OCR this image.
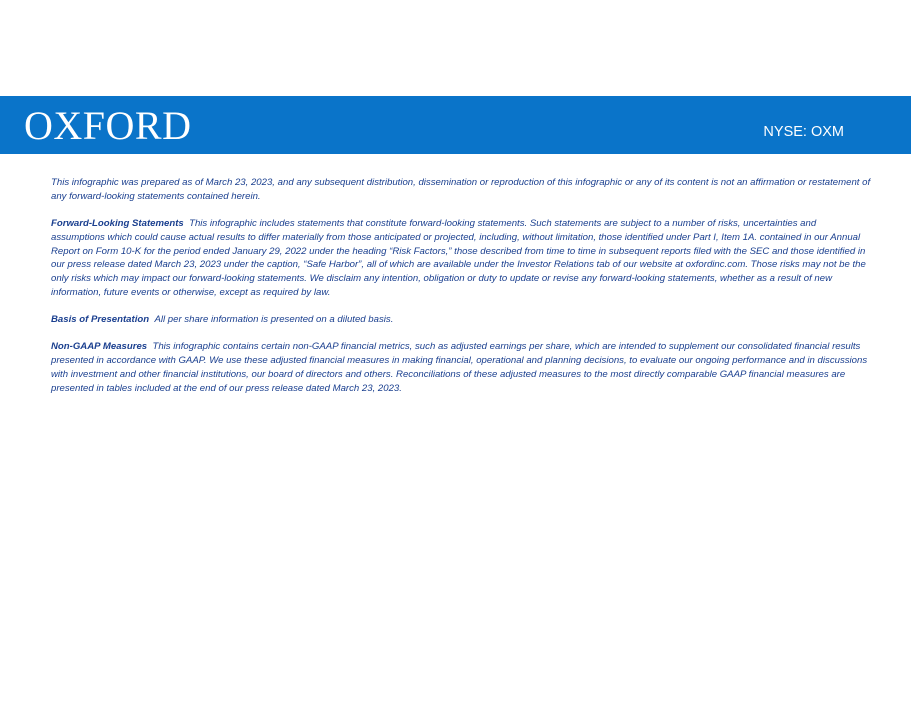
OXFORD	NYSE: OXM

This infographic was prepared as of March 23, 2023, and any subsequent distribution, dissemination or reproduction of this infographic or any of its content is not an affirmation or restatement of any forward-looking statements contained herein.

Forward-Looking Statements This infographic includes statements that constitute forward-looking statements. Such statements are subject to a number of risks, uncertainties and assumptions which could cause actual results to differ materially from those anticipated or projected, including, without limitation, those identified under Part I, Item 1A. contained in our Annual Report on Form 10-K for the period ended January 29, 2022 under the heading “Risk Factors,” those described from time to time in subsequent reports filed with the SEC and those identified in our press release dated March 23, 2023 under the caption, “Safe Harbor”, all of which are available under the Investor Relations tab of our website at oxfordinc.com. Those risks may not be the only risks which may impact our forward-looking statements. We disclaim any intention, obligation or duty to update or revise any forward-looking statements, whether as a result of new information, future events or otherwise, except as required by law.

Basis of Presentation All per share information is presented on a diluted basis.

Non-GAAP Measures This infographic contains certain non-GAAP financial metrics, such as adjusted earnings per share, which are intended to supplement our consolidated financial results presented in accordance with GAAP. We use these adjusted financial measures in making financial, operational and planning decisions, to evaluate our ongoing performance and in discussions with investment and other financial institutions, our board of directors and others. Reconciliations of these adjusted measures to the most directly comparable GAAP financial measures are presented in tables included at the end of our press release dated March 23, 2023.
